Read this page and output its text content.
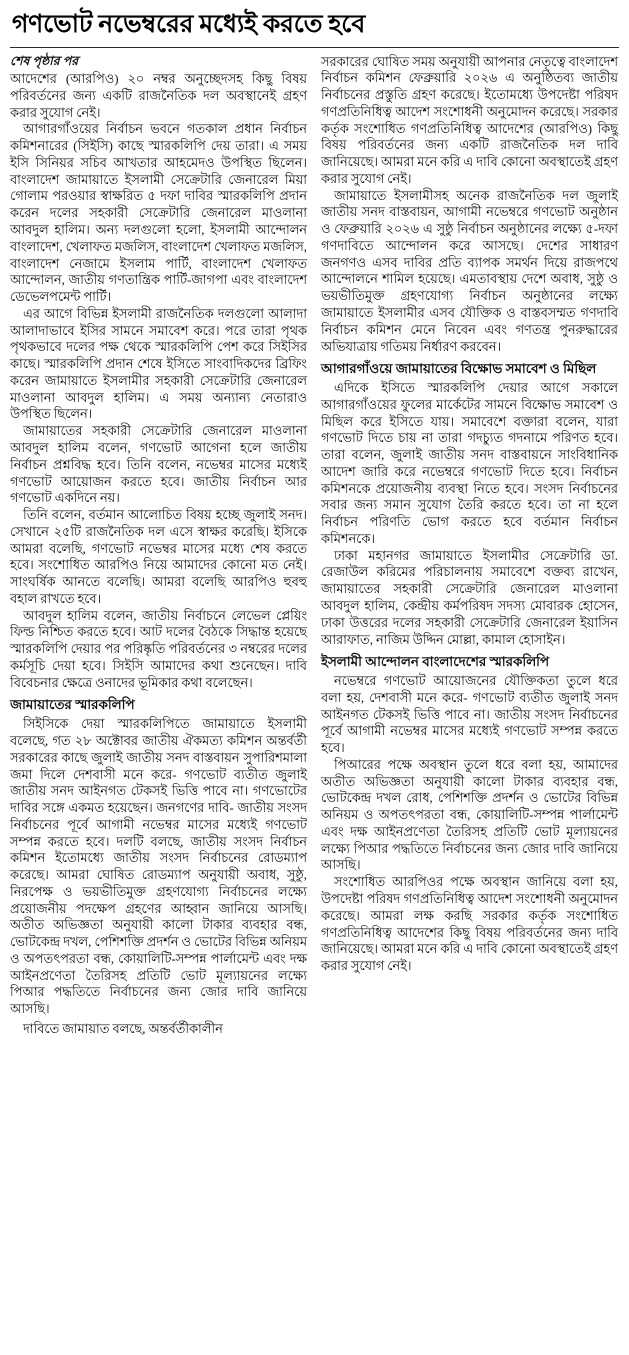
গণভোট নভেম্বরের মধ্যেই করতে হবে
শেষ পৃষ্ঠার পর

আদেশের (আরপিও) ২০ নম্বর অনুচ্ছেদসহ কিছু বিষয় পরিবর্তনের জন্য একটি রাজনৈতিক দল অবস্থানেই গ্রহণ করার সুযোগ নেই।

আগারগাঁওয়ের নির্বাচন ভবনে গতকাল প্রধান নির্বাচন কমিশনারের (সিইসি) কাছে স্মারকলিপি দেয় তারা। এ সময় ইসি সিনিয়র সচিব আখতার আহমেদও উপস্থিত ছিলেন। বাংলাদেশ জামায়াতে ইসলামী সেক্রেটারি জেনারেল মিয়া গোলাম পরওয়ার স্বাক্ষরিত ৫ দফা দাবির স্মারকলিপি প্রদান করেন দলের সহকারী সেক্রেটারি জেনারেল মাওলানা আবদুল হালিম। অন্য দলগুলো হলো, ইসলামী আন্দোলন বাংলাদেশ, খেলাফত মজলিস, বাংলাদেশ খেলাফত মজলিস, বাংলাদেশ নেজামে ইসলাম পার্টি, বাংলাদেশ খেলাফত আন্দোলন, জাতীয় গণতান্ত্রিক পার্টি-জাগপা এবং বাংলাদেশ ডেভেলপমেন্ট পার্টি।

এর আগে বিভিন্ন ইসলামী রাজনৈতিক দলগুলো আলাদা আলাদাভাবে ইসির সামনে সমাবেশ করে। পরে তারা পৃথক পৃথকভাবে দলের পক্ষ থেকে স্মারকলিপি পেশ করে সিইসির কাছে। স্মারকলিপি প্রদান শেষে ইসিতে সাংবাদিকদের ব্রিফিং করেন জামায়াতে ইসলামীর সহকারী সেক্রেটারি জেনারেল মাওলানা আবদুল হালিম। এ সময় অন্যান্য নেতারাও উপস্থিত ছিলেন।

জামায়াতের সহকারী সেক্রেটারি জেনারেল মাওলানা আবদুল হালিম বলেন, গণভোট আগেনা হলে জাতীয় নির্বাচন প্রশ্নবিদ্ধ হবে। তিনি বলেন, নভেম্বর মাসের মধ্যেই গণভোট আয়োজন করতে হবে। জাতীয় নির্বাচন আর গণভোট একদিনে নয়।

তিনি বলেন, বর্তমান আলোচিত বিষয় হচ্ছে জুলাই সনদ। সেখানে ২৫টি রাজনৈতিক দল এসে স্বাক্ষর করেছি। ইসিকে আমরা বলেছি, গণভোট নভেম্বর মাসের মধ্যে শেষ করতে হবে। সংশোধিত আরপিও নিয়ে আমাদের কোনো মত নেই। সাংঘর্ষিক আনতে বলেছি। আমরা বলেছি আরপিও হুবহু বহাল রাখতে হবে।

আবদুল হালিম বলেন, জাতীয় নির্বাচনে লেভেল প্লেয়িং ফিল্ড নিশ্চিত করতে হবে। আট দলের বৈঠকে সিদ্ধান্ত হয়েছে স্মারকলিপি দেয়ার পর পরিষ্কৃতি পরিবর্তনের ৩ নম্বরের দলের কর্মসূচি দেয়া হবে। সিইসি আমাদের কথা শুনেছেন। দাবি বিবেচনার ক্ষেত্রে ওনাদের ভূমিকার কথা বলেছেন।

জামায়াতের স্মারকলিপি

সিইসিকে দেয়া স্মারকলিপিতে জামায়াতে ইসলামী বলেছে, গত ২৮ অক্টোবর জাতীয় ঐকমত্য কমিশন অন্তর্বর্তী সরকারের কাছে জুলাই জাতীয় সনদ বাস্তবায়ন সুপারিশমালা জমা দিলে দেশবাসী মনে করে- গণভোট ব্যতীত জুলাই জাতীয় সনদ আইনগত টেকসই ভিত্তি পাবে না। গণভোটের দাবির সঙ্গে একমত হয়েছেন। জনগণের দাবি- জাতীয় সংসদ নির্বাচনের পূর্বে আগামী নভেম্বর মাসের মধ্যেই গণভোট সম্পন্ন করতে হবে। দলটি বলছে, জাতীয় সংসদ নির্বাচন কমিশন ইতোমধ্যে জাতীয় সংসদ নির্বাচনের রোডম্যাপ করেছে। আমরা ঘোষিত রোডম্যাপ অনুযায়ী অবাধ, সুষ্ঠু, নিরপেক্ষ ও ভয়ভীতিমুক্ত গ্রহণযোগ্য নির্বাচনের লক্ষ্যে প্রয়োজনীয় পদক্ষেপ গ্রহণের আহ্বান জানিয়ে আসছি। অতীত অভিজ্ঞতা অনুযায়ী কালো টাকার ব্যবহার বন্ধ, ভোটকেন্দ্র দখল, পেশিশক্তি প্রদর্শন ও ভোটের বিভিন্ন অনিয়ম ও অপতৎপরতা বন্ধ, কোয়ালিটি-সম্পন্ন পার্লামেন্ট এবং দক্ষ আইনপ্রণেতা তৈরিসহ প্রতিটি ভোট মূল্যায়নের লক্ষ্যে পিআর পদ্ধতিতে নির্বাচনের জন্য জোর দাবি জানিয়ে আসছি।

দাবিতে জামায়াত বলছে, অন্তর্বর্তীকালীন

সরকারের ঘোষিত সময় অনুযায়ী আপনার নেতৃত্বে বাংলাদেশ নির্বাচন কমিশন ফেব্রুয়ারি ২০২৬ এ অনুষ্ঠিতব্য জাতীয় নির্বাচনের প্রস্তুতি গ্রহণ করেছে। ইতোমধ্যে উপদেষ্টা পরিষদ গণপ্রতিনিধিত্ব আদেশ সংশোধনী অনুমোদন করেছে। সরকার কর্তৃক সংশোধিত গণপ্রতিনিধিত্ব আদেশের (আরপিও) কিছু বিষয় পরিবর্তনের জন্য একটি রাজনৈতিক দল দাবি জানিয়েছে। আমরা মনে করি এ দাবি কোনো অবস্থাতেই গ্রহণ করার সুযোগ নেই।

জামায়াতে ইসলামীসহ অনেক রাজনৈতিক দল জুলাই জাতীয় সনদ বাস্তবায়ন, আগামী নভেম্বরে গণভোট অনুষ্ঠান ও ফেব্রুয়ারি ২০২৬ এ সুষ্ঠু নির্বাচন অনুষ্ঠানের লক্ষ্যে ৫-দফা গণদাবিতে আন্দোলন করে আসছে। দেশের সাধারণ জনগণও এসব দাবির প্রতি ব্যাপক সমর্থন দিয়ে রাজপথে আন্দোলনে শামিল হয়েছে। এমতাবস্থায় দেশে অবাধ, সুষ্ঠু ও ভয়ভীতিমুক্ত গ্রহণযোগ্য নির্বাচন অনুষ্ঠানের লক্ষ্যে জামায়াতে ইসলামীর এসব যৌক্তিক ও বাস্তবসম্মত গণদাবি নির্বাচন কমিশন মেনে নিবেন এবং গণতন্ত্র পুনরুদ্ধারের অভিযাত্রায় গতিময় নির্ধারণ করবেন।

আগারগাঁওয়ে জামায়াতের বিক্ষোভ সমাবেশ ও মিছিল

এদিকে ইসিতে স্মারকলিপি দেয়ার আগে সকালে আগারগাঁওয়ের ফুলের মার্কেটের সামনে বিক্ষোভ সমাবেশ ও মিছিল করে ইসিতে যায়। সমাবেশে বক্তারা বলেন, যারা গণভোট দিতে চায় না তারা গদচ্যুত গদনামে পরিণত হবে। তারা বলেন, জুলাই জাতীয় সনদ বাস্তবায়নে সাংবিধানিক আদেশ জারি করে নভেম্বরে গণভোট দিতে হবে। নির্বাচন কমিশনকে প্রয়োজনীয় ব্যবস্থা নিতে হবে। সংসদ নির্বাচনের সবার জন্য সমান সুযোগ তৈরি করতে হবে। তা না হলে নির্বাচন পরিণতি ভোগ করতে হবে বর্তমান নির্বাচন কমিশনকে।

ঢাকা মহানগর জামায়াতে ইসলামীর সেক্রেটারি ডা. রেজাউল করিমের পরিচালনায় সমাবেশে বক্তব্য রাখেন, জামায়াতের সহকারী সেক্রেটারি জেনারেল মাওলানা আবদুল হালিম, কেন্দ্রীয় কর্মপরিষদ সদস্য মোবারক হোসেন, ঢাকা উত্তরের দলের সহকারী সেক্রেটারি জেনারেল ইয়াসিন আরাফাত, নাজিম উদ্দিন মোল্লা, কামাল হোসাইন।

ইসলামী আন্দোলন বাংলাদেশের স্মারকলিপি

নভেম্বরে গণভোট আয়োজনের যৌক্তিকতা তুলে ধরে বলা হয়, দেশবাসী মনে করে- গণভোট ব্যতীত জুলাই সনদ আইনগত টেকসই ভিত্তি পাবে না। জাতীয় সংসদ নির্বাচনের পূর্বে আগামী নভেম্বর মাসের মধ্যেই গণভোট সম্পন্ন করতে হবে।

পিআরের পক্ষে অবস্থান তুলে ধরে বলা হয়, আমাদের অতীত অভিজ্ঞতা অনুযায়ী কালো টাকার ব্যবহার বন্ধ, ভোটকেন্দ্র দখল রোধ, পেশিশক্তি প্রদর্শন ও ভোটের বিভিন্ন অনিয়ম ও অপতৎপরতা বন্ধ, কোয়ালিটি-সম্পন্ন পার্লামেন্ট এবং দক্ষ আইনপ্রণেতা তৈরিসহ প্রতিটি ভোট মূল্যায়নের লক্ষ্যে পিআর পদ্ধতিতে নির্বাচনের জন্য জোর দাবি জানিয়ে আসছি।

সংশোধিত আরপিওর পক্ষে অবস্থান জানিয়ে বলা হয়, উপদেষ্টা পরিষদ গণপ্রতিনিধিত্ব আদেশ সংশোধনী অনুমোদন করেছে। আমরা লক্ষ করছি সরকার কর্তৃক সংশোধিত গণপ্রতিনিধিত্ব আদেশের কিছু বিষয় পরিবর্তনের জন্য দাবি জানিয়েছে। আমরা মনে করি এ দাবি কোনো অবস্থাতেই গ্রহণ করার সুযোগ নেই।
